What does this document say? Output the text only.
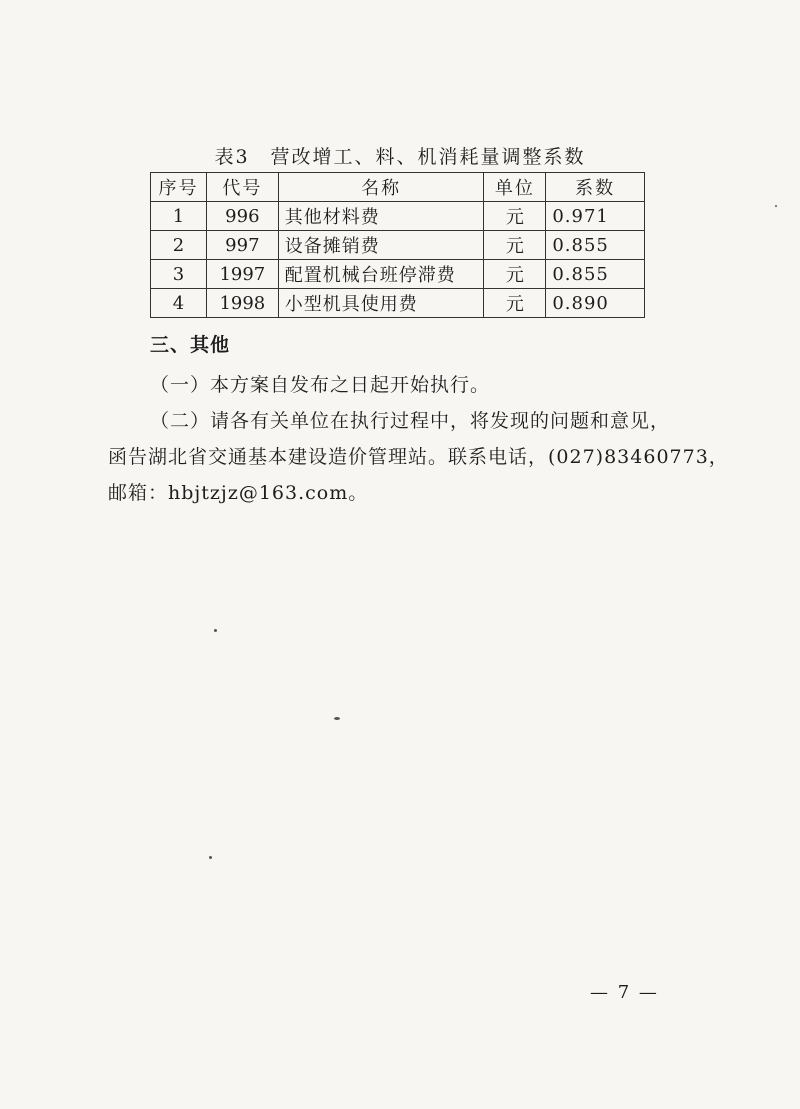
表3　营改增工、料、机消耗量调整系数
序号	代号	名称	单位	系数
1	996	其他材料费	元	0.971
2	997	设备摊销费	元	0.855
3	1997	配置机械台班停滞费	元	0.855
4	1998	小型机具使用费	元	0.890
三、其他
（一）本方案自发布之日起开始执行。
（二）请各有关单位在执行过程中，将发现的问题和意见，
函告湖北省交通基本建设造价管理站。联系电话，(027)83460773，
邮箱：hbjtzjz@163.com。
— 7 —
